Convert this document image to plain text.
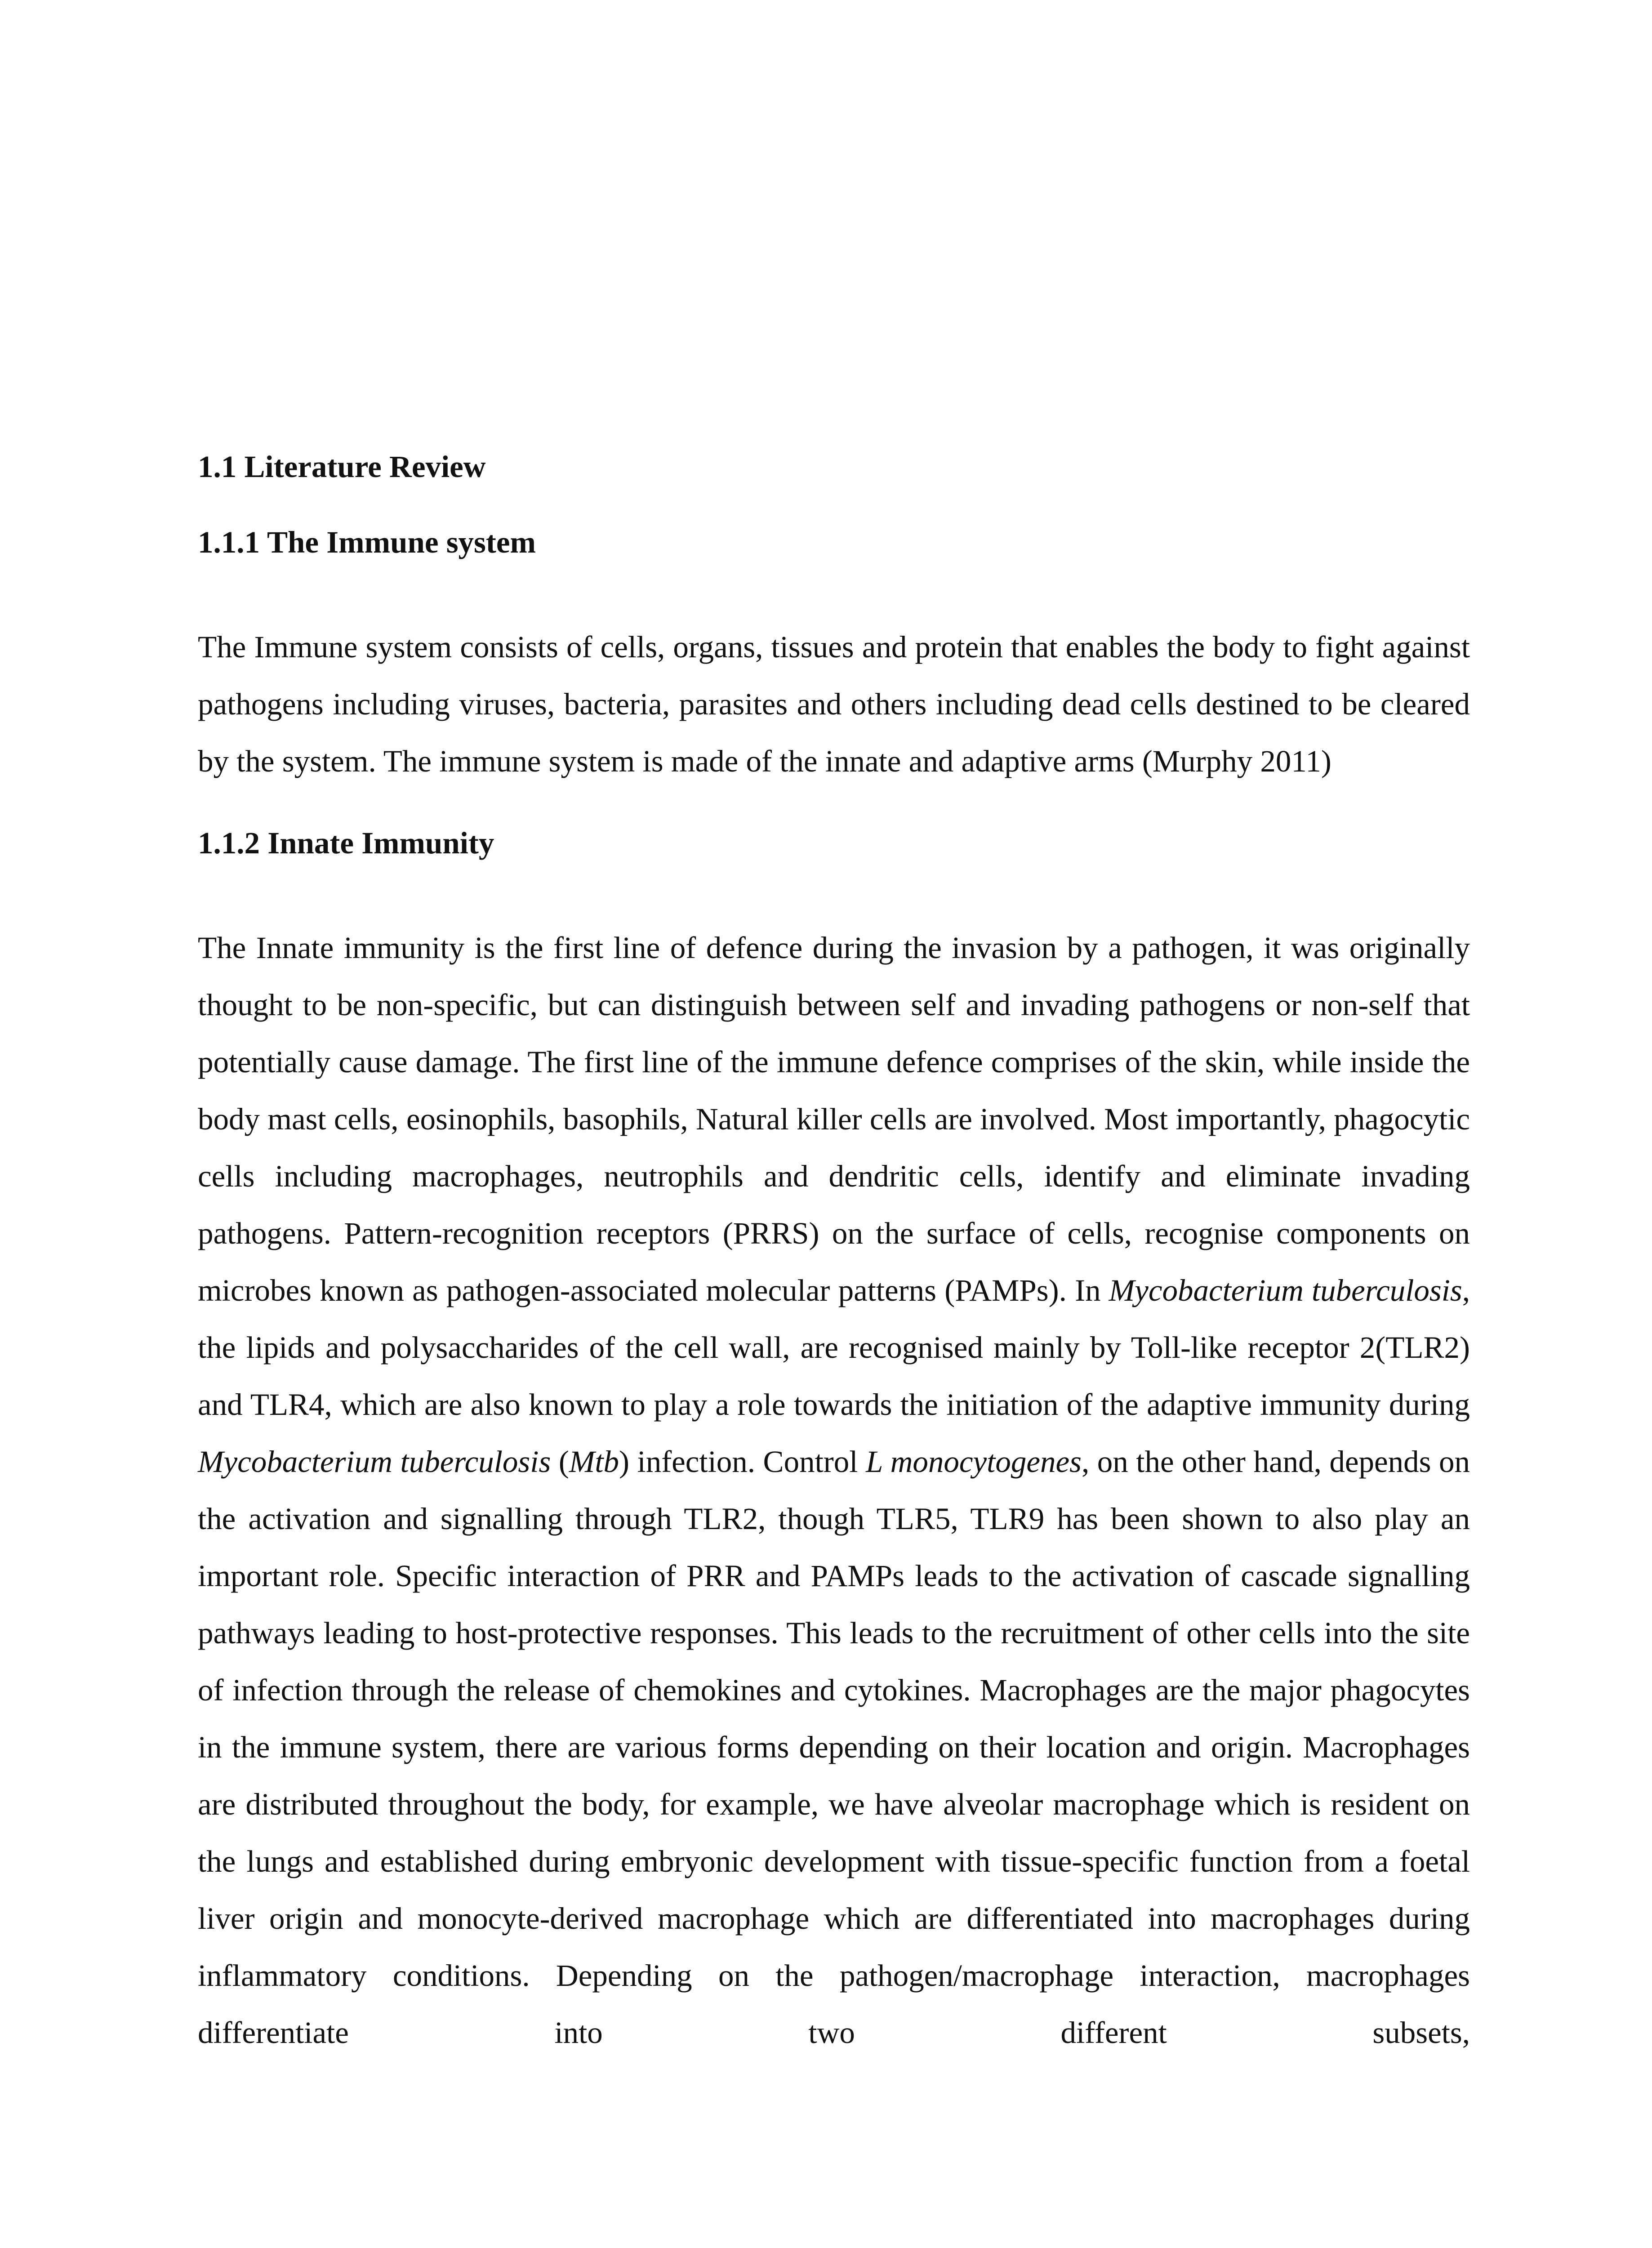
1.1 Literature Review
1.1.1 The Immune system

The Immune system consists of cells, organs, tissues and protein that enables the body to fight against pathogens including viruses, bacteria, parasites and others including dead cells destined to be cleared by the system. The immune system is made of the innate and adaptive arms (Murphy 2011)

1.1.2 Innate Immunity

The Innate immunity is the first line of defence during the invasion by a pathogen, it was originally thought to be non-specific, but can distinguish between self and invading pathogens or non-self that potentially cause damage. The first line of the immune defence comprises of the skin, while inside the body mast cells, eosinophils, basophils, Natural killer cells are involved. Most importantly, phagocytic cells including macrophages, neutrophils and dendritic cells, identify and eliminate invading pathogens. Pattern-recognition receptors (PRRS) on the surface of cells, recognise components on microbes known as pathogen-associated molecular patterns (PAMPs). In Mycobacterium tuberculosis, the lipids and polysaccharides of the cell wall, are recognised mainly by Toll-like receptor 2(TLR2) and TLR4, which are also known to play a role towards the initiation of the adaptive immunity during Mycobacterium tuberculosis (Mtb) infection. Control L monocytogenes, on the other hand, depends on the activation and signalling through TLR2, though TLR5, TLR9 has been shown to also play an important role. Specific interaction of PRR and PAMPs leads to the activation of cascade signalling pathways leading to host-protective responses. This leads to the recruitment of other cells into the site of infection through the release of chemokines and cytokines. Macrophages are the major phagocytes in the immune system, there are various forms depending on their location and origin. Macrophages are distributed throughout the body, for example, we have alveolar macrophage which is resident on the lungs and established during embryonic development with tissue-specific function from a foetal liver origin and monocyte-derived macrophage which are differentiated into macrophages during inflammatory conditions. Depending on the pathogen/macrophage interaction, macrophages differentiate into two different subsets,
